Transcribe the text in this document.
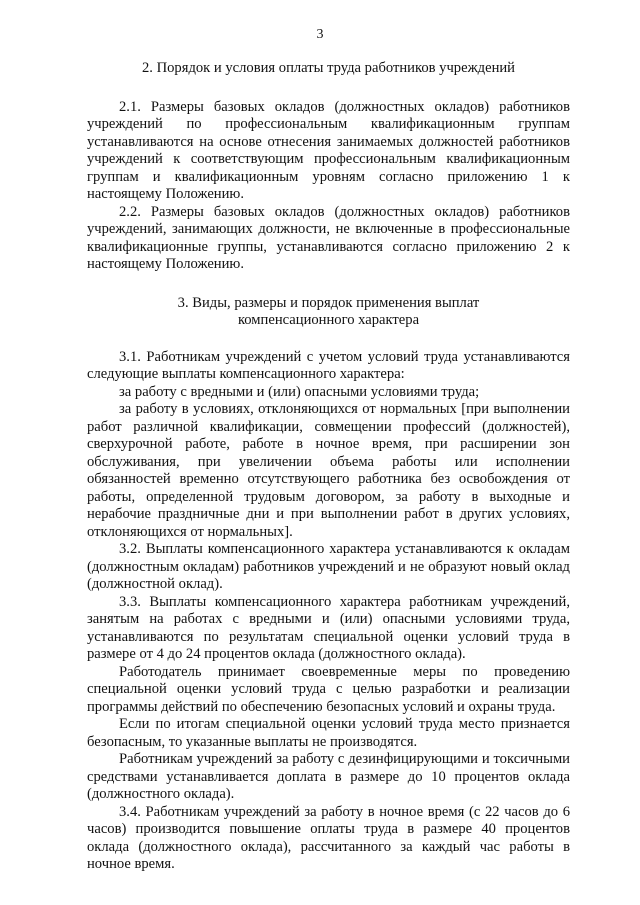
3

2. Порядок и условия оплаты труда работников учреждений

2.1. Размеры базовых окладов (должностных окладов) работников учреждений по профессиональным квалификационным группам устанавливаются на основе отнесения занимаемых должностей работников учреждений к соответствующим профессиональным квалификационным группам и квалификационным уровням согласно приложению 1 к настоящему Положению.

2.2. Размеры базовых окладов (должностных окладов) работников учреждений, занимающих должности, не включенные в профессиональные квалификационные группы, устанавливаются согласно приложению 2 к настоящему Положению.

3. Виды, размеры и порядок применения выплат
компенсационного характера

3.1. Работникам учреждений с учетом условий труда устанавливаются следующие выплаты компенсационного характера:

за работу с вредными и (или) опасными условиями труда;

за работу в условиях, отклоняющихся от нормальных [при выполнении работ различной квалификации, совмещении профессий (должностей), сверхурочной работе, работе в ночное время, при расширении зон обслуживания, при увеличении объема работы или исполнении обязанностей временно отсутствующего работника без освобождения от работы, определенной трудовым договором, за работу в выходные и нерабочие праздничные дни и при выполнении работ в других условиях, отклоняющихся от нормальных].

3.2. Выплаты компенсационного характера устанавливаются к окладам (должностным окладам) работников учреждений и не образуют новый оклад (должностной оклад).

3.3. Выплаты компенсационного характера работникам учреждений, занятым на работах с вредными и (или) опасными условиями труда, устанавливаются по результатам специальной оценки условий труда в размере от 4 до 24 процентов оклада (должностного оклада).

Работодатель принимает своевременные меры по проведению специальной оценки условий труда с целью разработки и реализации программы действий по обеспечению безопасных условий и охраны труда.

Если по итогам специальной оценки условий труда место признается безопасным, то указанные выплаты не производятся.

Работникам учреждений за работу с дезинфицирующими и токсичными средствами устанавливается доплата в размере до 10 процентов оклада (должностного оклада).

3.4. Работникам учреждений за работу в ночное время (с 22 часов до 6 часов) производится повышение оплаты труда в размере 40 процентов оклада (должностного оклада), рассчитанного за каждый час работы в ночное время.
